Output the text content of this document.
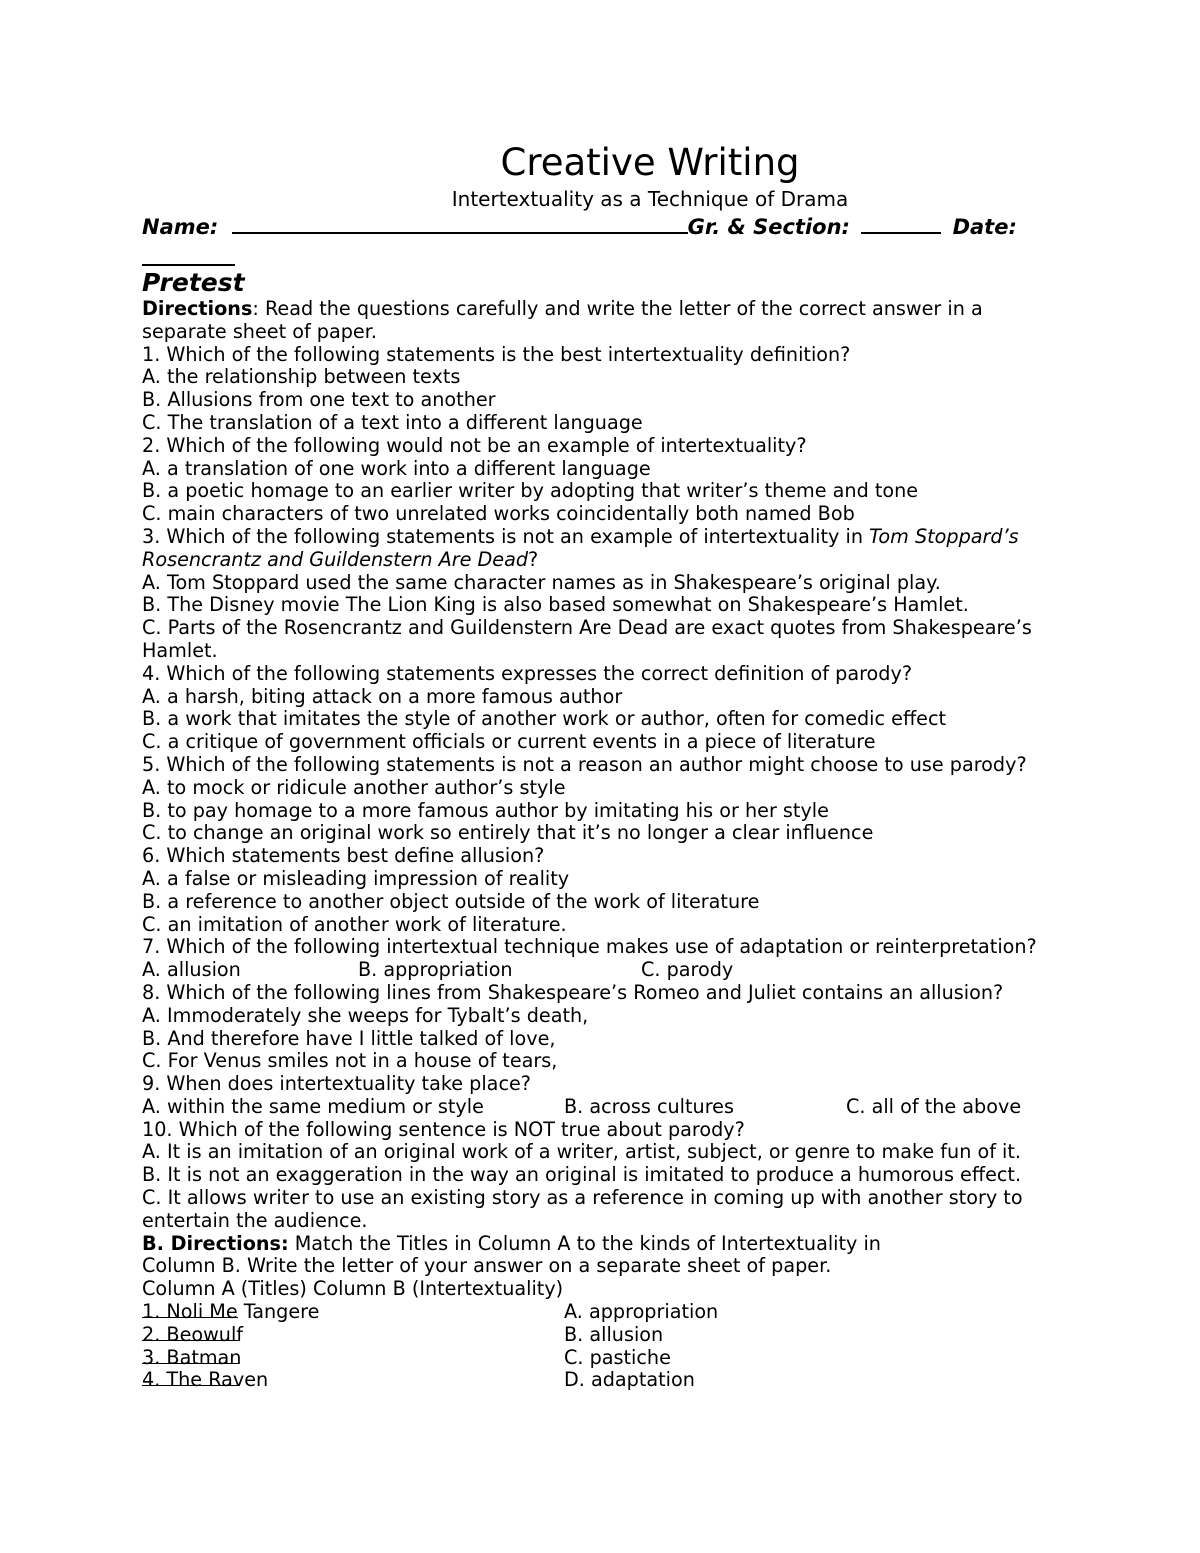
Creative Writing
Intertextuality as a Technique of Drama
Name:	Gr. & Section:	Date:
Pretest
Directions: Read the questions carefully and write the letter of the correct answer in a
separate sheet of paper.
1. Which of the following statements is the best intertextuality definition?
A. the relationship between texts
B. Allusions from one text to another
C. The translation of a text into a different language
2. Which of the following would not be an example of intertextuality?
A. a translation of one work into a different language
B. a poetic homage to an earlier writer by adopting that writer’s theme and tone
C. main characters of two unrelated works coincidentally both named Bob
3. Which of the following statements is not an example of intertextuality in Tom Stoppard’s
Rosencrantz and Guildenstern Are Dead?
A. Tom Stoppard used the same character names as in Shakespeare’s original play.
B. The Disney movie The Lion King is also based somewhat on Shakespeare’s Hamlet.
C. Parts of the Rosencrantz and Guildenstern Are Dead are exact quotes from Shakespeare’s
Hamlet.
4. Which of the following statements expresses the correct definition of parody?
A. a harsh, biting attack on a more famous author
B. a work that imitates the style of another work or author, often for comedic effect
C. a critique of government officials or current events in a piece of literature
5. Which of the following statements is not a reason an author might choose to use parody?
A. to mock or ridicule another author’s style
B. to pay homage to a more famous author by imitating his or her style
C. to change an original work so entirely that it’s no longer a clear influence
6. Which statements best define allusion?
A. a false or misleading impression of reality
B. a reference to another object outside of the work of literature
C. an imitation of another work of literature.
7. Which of the following intertextual technique makes use of adaptation or reinterpretation?
A. allusion	B. appropriation	C. parody
8. Which of the following lines from Shakespeare’s Romeo and Juliet contains an allusion?
A. Immoderately she weeps for Tybalt’s death,
B. And therefore have I little talked of love,
C. For Venus smiles not in a house of tears,
9. When does intertextuality take place?
A. within the same medium or style	B. across cultures	C. all of the above
10. Which of the following sentence is NOT true about parody?
A. It is an imitation of an original work of a writer, artist, subject, or genre to make fun of it.
B. It is not an exaggeration in the way an original is imitated to produce a humorous effect.
C. It allows writer to use an existing story as a reference in coming up with another story to
entertain the audience.
B. Directions: Match the Titles in Column A to the kinds of Intertextuality in
Column B. Write the letter of your answer on a separate sheet of paper.
Column A (Titles) Column B (Intertextuality)
1. Noli Me Tangere	A. appropriation
2. Beowulf	B. allusion
3. Batman	C. pastiche
4. The Raven	D. adaptation
